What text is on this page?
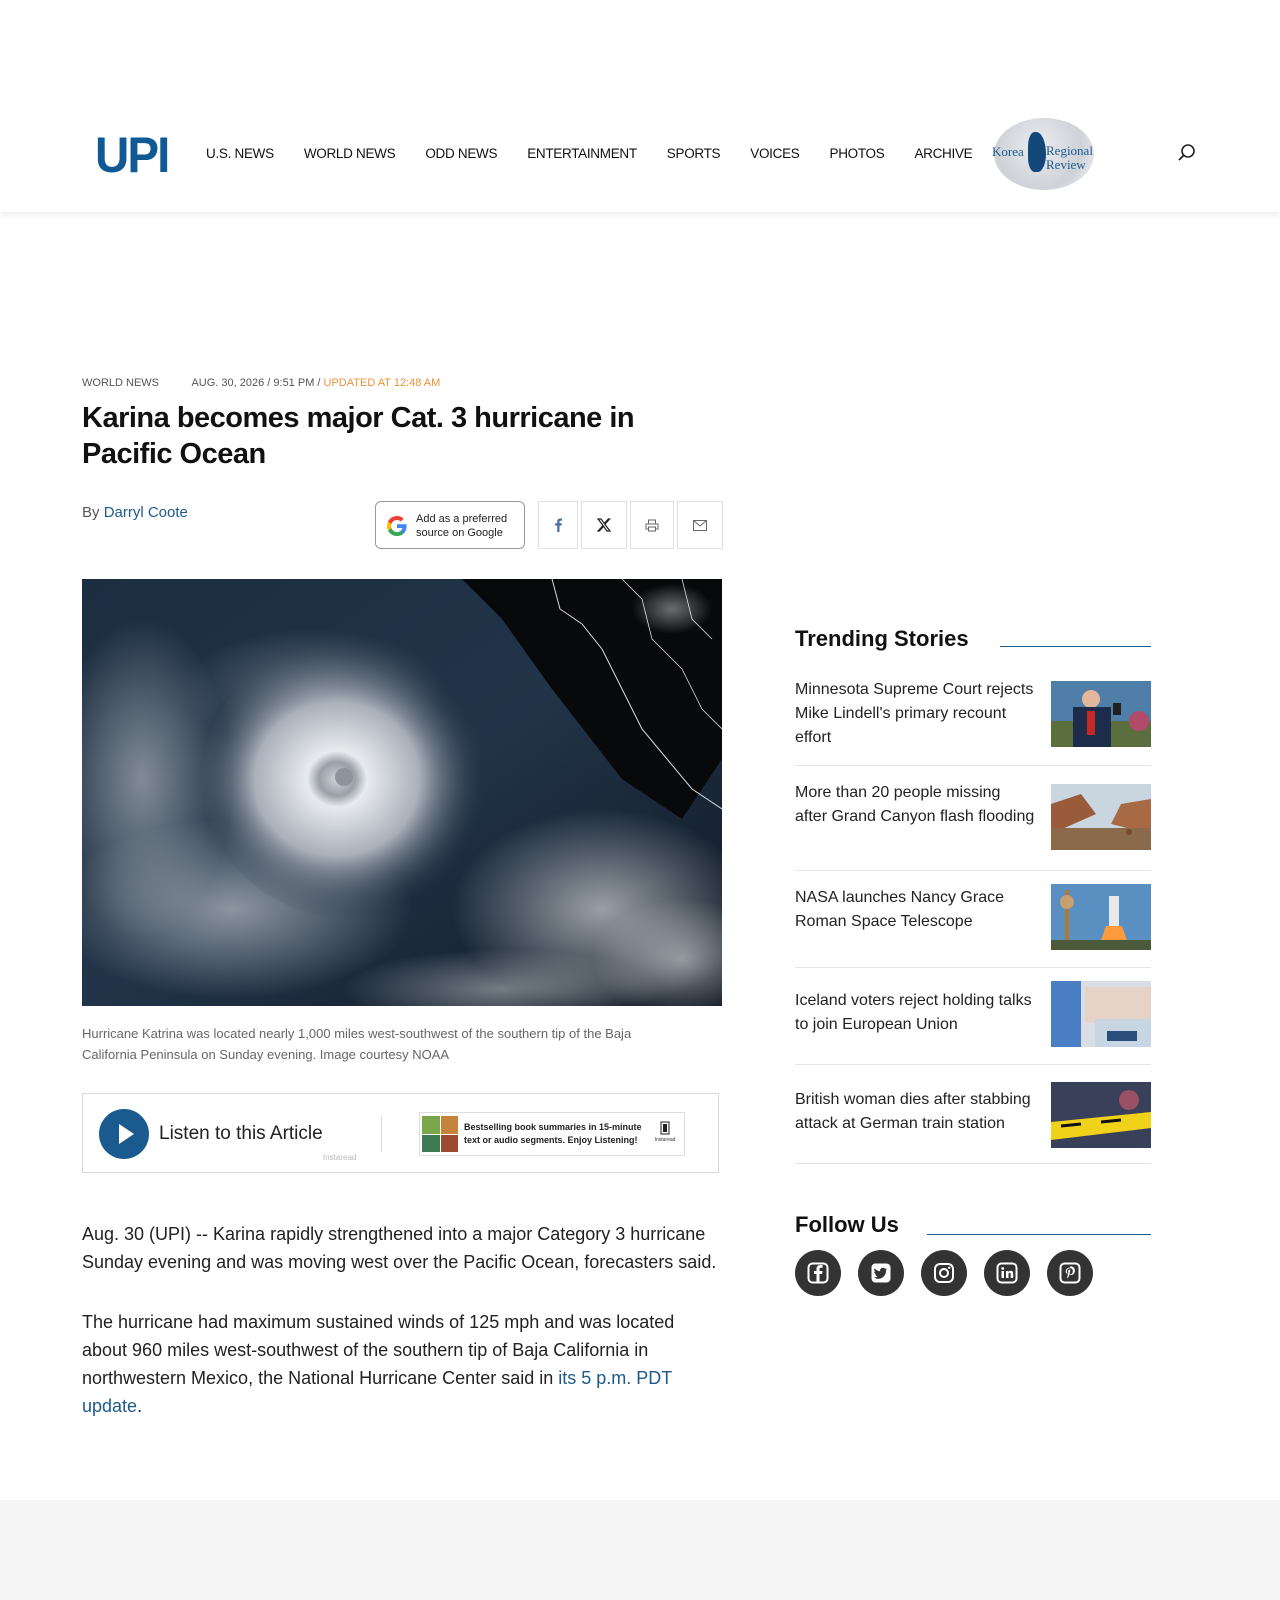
UPI	U.S. NEWS WORLD NEWS ODD NEWS ENTERTAINMENT SPORTS VOICES PHOTOS ARCHIVE Korea Regional Review
WORLD NEWS	AUG. 30, 2026 / 9:51 PM / UPDATED AT 12:48 AM
Karina becomes major Cat. 3 hurricane in Pacific Ocean
By Darryl Coote	Add as a preferred
source on Google

Hurricane Katrina was located nearly 1,000 miles west-southwest of the southern tip of the Baja California Peninsula on Sunday evening. Image courtesy NOAA

Listen to this Article
Instaread
Bestselling book summaries in 15-minute text or audio segments. Enjoy Listening!	Instaread

Aug. 30 (UPI) -- Karina rapidly strengthened into a major Category 3 hurricane Sunday evening and was moving west over the Pacific Ocean, forecasters said.

The hurricane had maximum sustained winds of 125 mph and was located about 960 miles west-southwest of the southern tip of Baja California in northwestern Mexico, the National Hurricane Center said in its 5 p.m. PDT update.

Trending Stories
Minnesota Supreme Court rejects Mike Lindell's primary recount effort
More than 20 people missing after Grand Canyon flash flooding
NASA launches Nancy Grace Roman Space Telescope
Iceland voters reject holding talks to join European Union
British woman dies after stabbing attack at German train station
Follow Us
